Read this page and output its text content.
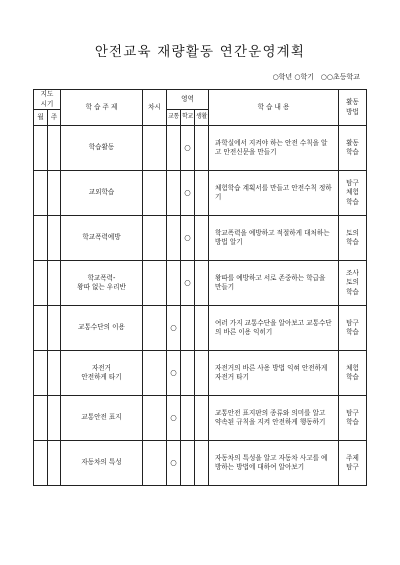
안전교육 재량활동 연간운영계획
○학년 ○학기   ○○초등학교
지도
시기		학 습 주 제	차시	영역			학 습 내 용	활동
방법
월	주			교통	학교	생활		
		학습활동			○		과학실에서 지켜야 하는 안전 수칙을 알고 안전신문을 만들기	활동
학습
		교외학습			○		체험학습 계획서를 만들고 안전수칙 정하기	탐구
체험
학습
		학교폭력예방			○		학교폭력을 예방하고 적절하게 대처하는 방법 알기	토의
학습
		학교폭력-
왕따 없는 우리반			○		왕따를 예방하고 서로 존중하는 학급을 만들기	조사
토의
학습
		교통수단의 이용		○			여러 가지 교통수단을 알아보고 교통수단의 바른 이용 익히기	탐구
학습
		자전거
안전하게 타기		○			자전거의 바른 사용 방법 익혀 안전하게 자전거 타기	체험
학습
		교통안전 표지		○			교통안전 표지판의 종류와 의미를 알고 약속된 규칙을 지켜 안전하게 행동하기	탐구
학습
		자동차의 특성		○			자동차의 특성을 알고 자동차 사고를 예방하는 방법에 대하여 알아보기	주제
탐구
